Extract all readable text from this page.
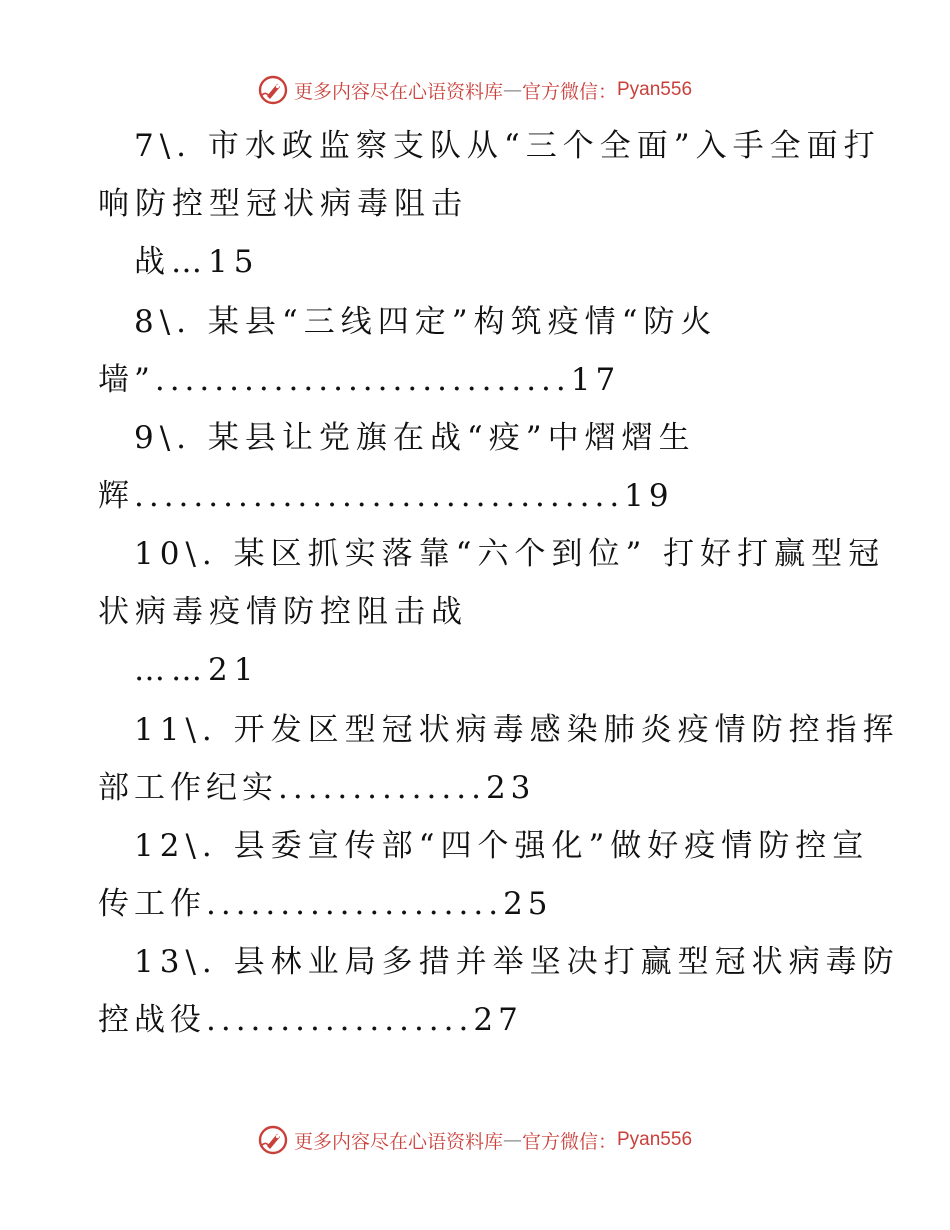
更多内容尽在心语资料库 — 官方微信： Pyan556
7\. 市水政监察支队从“三个全面”入手全面打
响防控型冠状病毒阻击
战…15
8\. 某县“三线四定”构筑疫情“防火
墙”............................17
9\. 某县让党旗在战“疫”中熠熠生
辉.................................19
10\. 某区抓实落靠“六个到位” 打好打赢型冠
状病毒疫情防控阻击战
……21
11\. 开发区型冠状病毒感染肺炎疫情防控指挥
部工作纪实..............23
12\. 县委宣传部“四个强化”做好疫情防控宣
传工作....................25
13\. 县林业局多措并举坚决打赢型冠状病毒防
控战役..................27
更多内容尽在心语资料库 — 官方微信： Pyan556
